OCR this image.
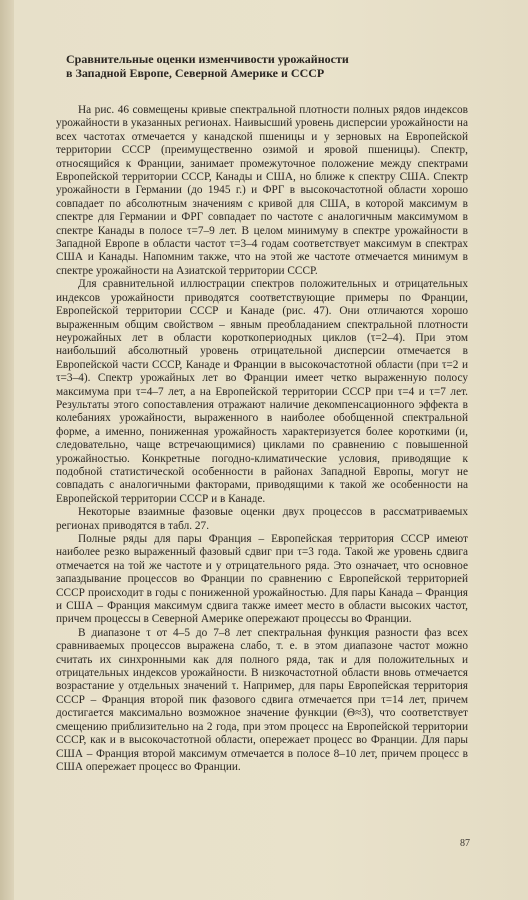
Сравнительные оценки изменчивости урожайности
в Западной Европе, Северной Америке и СССР

На рис. 46 совмещены кривые спектральной плотности полных рядов индексов урожайности в указанных регионах. Наивысший уровень дисперсии урожайности на всех частотах отмечается у канадской пшеницы и у зерновых на Европейской территории СССР (преимущественно озимой и яровой пшеницы). Спектр, относящийся к Франции, занимает промежуточное положение между спектрами Европейской территории СССР, Канады и США, но ближе к спектру США. Спектр урожайности в Германии (до 1945 г.) и ФРГ в высокочастотной области хорошо совпадает по абсолютным значениям с кривой для США, в которой максимум в спектре для Германии и ФРГ совпадает по частоте с аналогичным максимумом в спектре Канады в полосе τ=7–9 лет. В целом минимуму в спектре урожайности в Западной Европе в области частот τ=3–4 годам соответствует максимум в спектрах США и Канады. Напомним также, что на этой же частоте отмечается минимум в спектре урожайности на Азиатской территории СССР.

Для сравнительной иллюстрации спектров положительных и отрицательных индексов урожайности приводятся соответствующие примеры по Франции, Европейской территории СССР и Канаде (рис. 47). Они отличаются хорошо выраженным общим свойством – явным преобладанием спектральной плотности неурожайных лет в области короткопериодных циклов (τ=2–4). При этом наибольший абсолютный уровень отрицательной дисперсии отмечается в Европейской части СССР, Канаде и Франции в высокочастотной области (при τ=2 и τ=3–4). Спектр урожайных лет во Франции имеет четко выраженную полосу максимума при τ=4–7 лет, а на Европейской территории СССР при τ=4 и τ=7 лет. Результаты этого сопоставления отражают наличие декомпенсационного эффекта в колебаниях урожайности, выраженного в наиболее обобщенной спектральной форме, а именно, пониженная урожайность характеризуется более короткими (и, следовательно, чаще встречающимися) циклами по сравнению с повышенной урожайностью. Конкретные погодно-климатические условия, приводящие к подобной статистической особенности в районах Западной Европы, могут не совпадать с аналогичными факторами, приводящими к такой же особенности на Европейской территории СССР и в Канаде.

Некоторые взаимные фазовые оценки двух процессов в рассматриваемых регионах приводятся в табл. 27.

Полные ряды для пары Франция – Европейская территория СССР имеют наиболее резко выраженный фазовый сдвиг при τ=3 года. Такой же уровень сдвига отмечается на той же частоте и у отрицательного ряда. Это означает, что основное запаздывание процессов во Франции по сравнению с Европейской территорией СССР происходит в годы с пониженной урожайностью. Для пары Канада – Франция и США – Франция максимум сдвига также имеет место в области высоких частот, причем процессы в Северной Америке опережают процессы во Франции.

В диапазоне τ от 4–5 до 7–8 лет спектральная функция разности фаз всех сравниваемых процессов выражена слабо, т. е. в этом диапазоне частот можно считать их синхронными как для полного ряда, так и для положительных и отрицательных индексов урожайности. В низкочастотной области вновь отмечается возрастание у отдельных значений τ. Например, для пары Европейская территория СССР – Франция второй пик фазового сдвига отмечается при τ=14 лет, причем достигается максимально возможное значение функции (Θ≈3), что соответствует смещению приблизительно на 2 года, при этом процесс на Европейской территории СССР, как и в высокочастотной области, опережает процесс во Франции. Для пары США – Франция второй максимум отмечается в полосе 8–10 лет, причем процесс в США опережает процесс во Франции.

87
